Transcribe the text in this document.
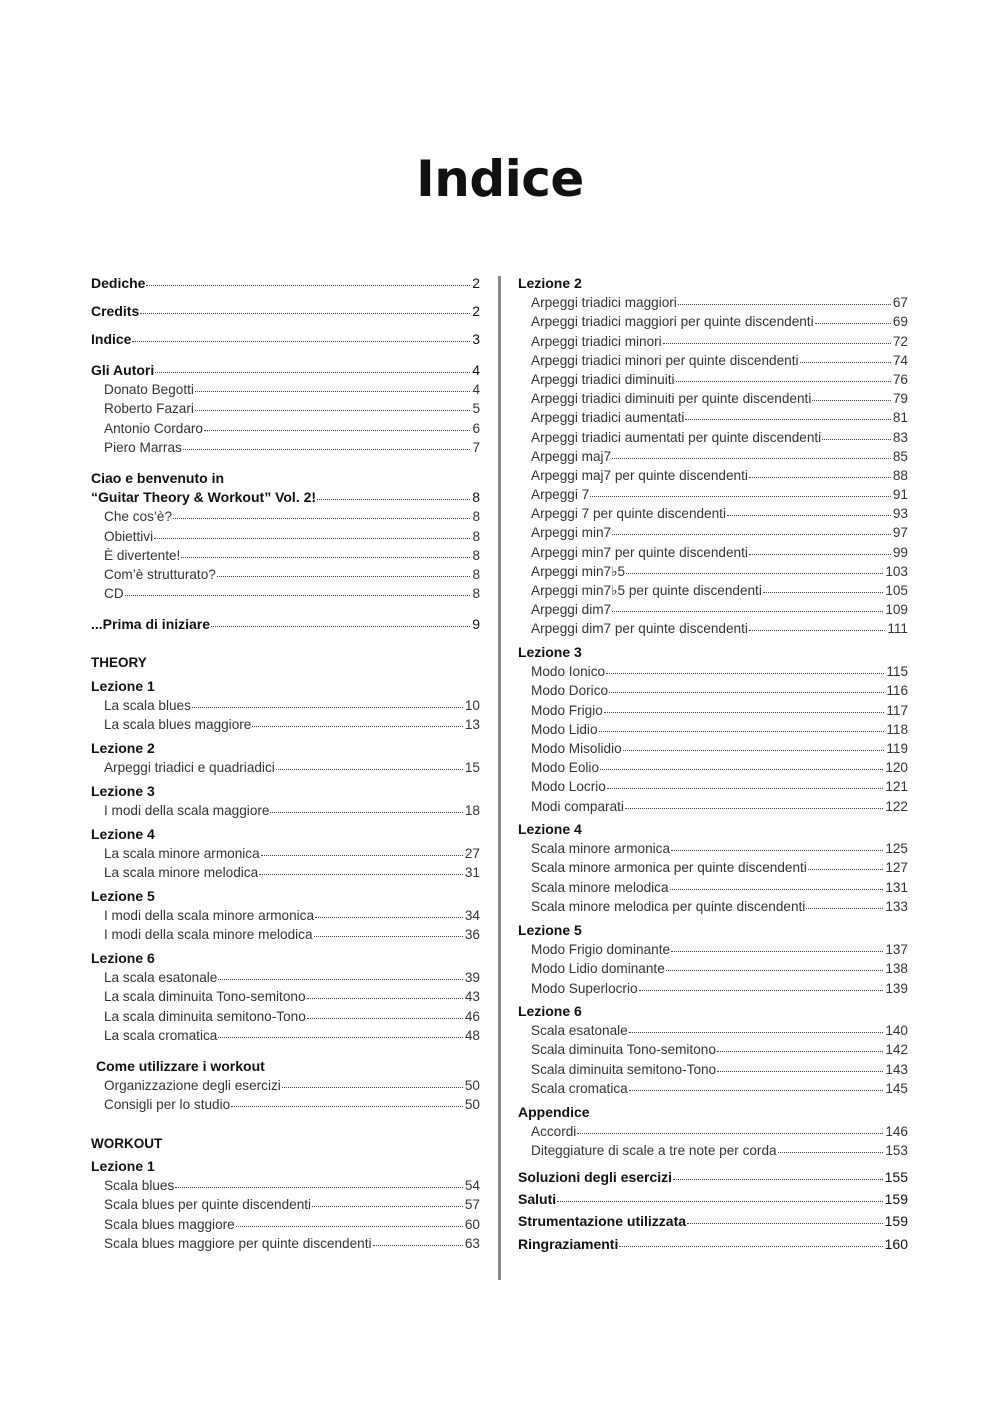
Indice
Dediche	2
Credits	2
Indice	3
Gli Autori	4
Donato Begotti	4
Roberto Fazari	5
Antonio Cordaro	6
Piero Marras	7
Ciao e benvenuto in
“Guitar Theory & Workout” Vol. 2!	8
Che cos’è?	8
Obiettivi	8
È divertente!	8
Com’è strutturato?	8
CD	8
...Prima di iniziare	9
THEORY
Lezione 1
La scala blues	10
La scala blues maggiore	13
Lezione 2
Arpeggi triadici e quadriadici	15
Lezione 3
I modi della scala maggiore	18
Lezione 4
La scala minore armonica	27
La scala minore melodica	31
Lezione 5
I modi della scala minore armonica	34
I modi della scala minore melodica	36
Lezione 6
La scala esatonale	39
La scala diminuita Tono-semitono	43
La scala diminuita semitono-Tono	46
La scala cromatica	48
Come utilizzare i workout
Organizzazione degli esercizi	50
Consigli per lo studio	50
WORKOUT
Lezione 1
Scala blues	54
Scala blues per quinte discendenti	57
Scala blues maggiore	60
Scala blues maggiore per quinte discendenti	63
Lezione 2
Arpeggi triadici maggiori	67
Arpeggi triadici maggiori per quinte discendenti	69
Arpeggi triadici minori	72
Arpeggi triadici minori per quinte discendenti	74
Arpeggi triadici diminuiti	76
Arpeggi triadici diminuiti per quinte discendenti	79
Arpeggi triadici aumentati	81
Arpeggi triadici aumentati per quinte discendenti	83
Arpeggi maj7	85
Arpeggi maj7 per quinte discendenti	88
Arpeggi 7	91
Arpeggi 7 per quinte discendenti	93
Arpeggi min7	97
Arpeggi min7 per quinte discendenti	99
Arpeggi min7♭5	103
Arpeggi min7♭5 per quinte discendenti	105
Arpeggi dim7	109
Arpeggi dim7 per quinte discendenti	111
Lezione 3
Modo Ionico	115
Modo Dorico	116
Modo Frigio	117
Modo Lidio	118
Modo Misolidio	119
Modo Eolio	120
Modo Locrio	121
Modi comparati	122
Lezione 4
Scala minore armonica	125
Scala minore armonica per quinte discendenti	127
Scala minore melodica	131
Scala minore melodica per quinte discendenti	133
Lezione 5
Modo Frigio dominante	137
Modo Lidio dominante	138
Modo Superlocrio	139
Lezione 6
Scala esatonale	140
Scala diminuita Tono-semitono	142
Scala diminuita semitono-Tono	143
Scala cromatica	145
Appendice
Accordi	146
Diteggiature di scale a tre note per corda	153
Soluzioni degli esercizi	155
Saluti	159
Strumentazione utilizzata	159
Ringraziamenti	160
